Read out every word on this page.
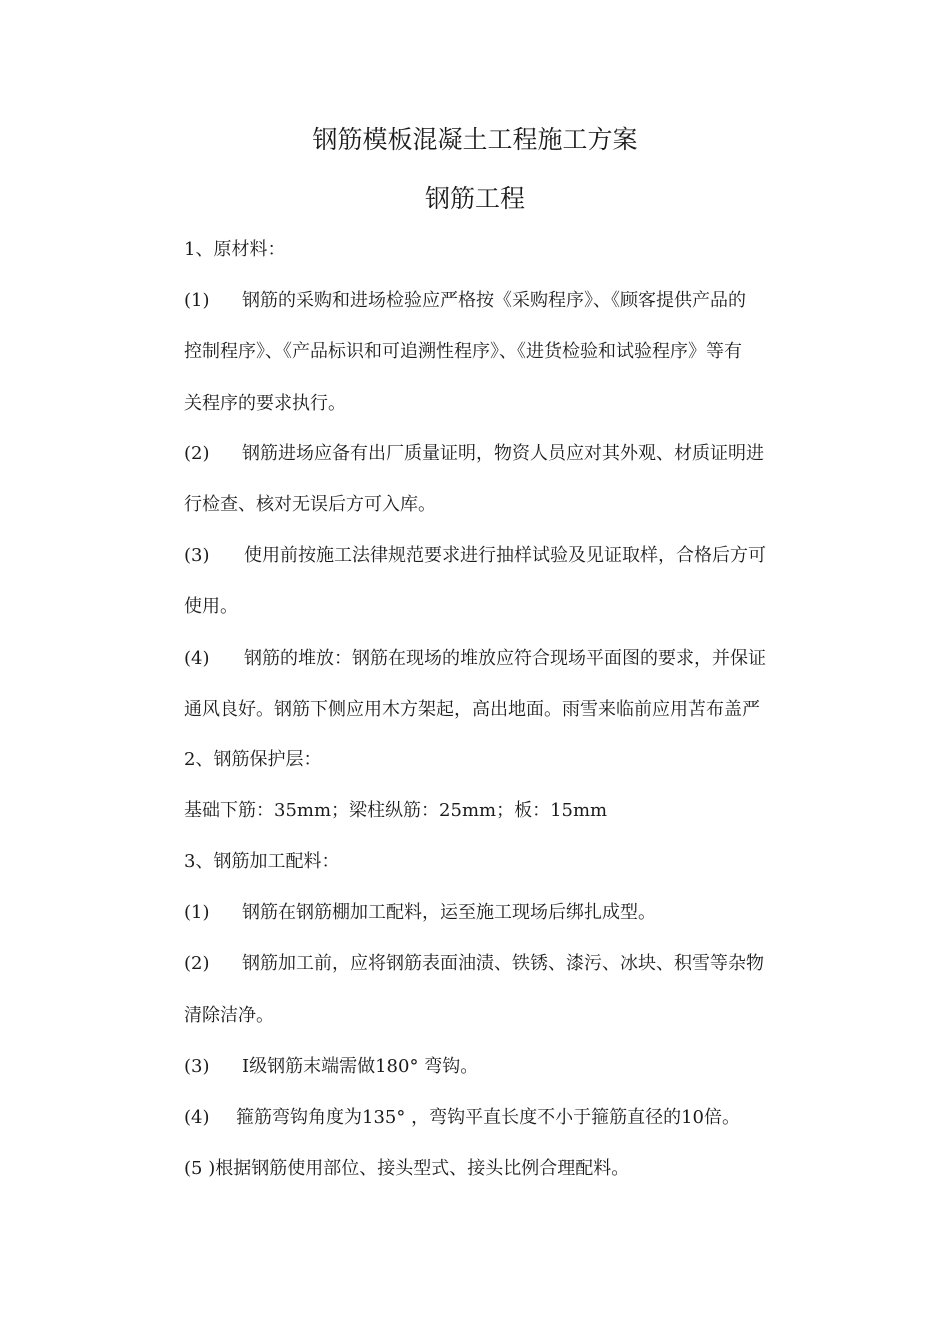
钢筋模板混凝土工程施工方案
钢筋工程
1、原材料：
(1) 钢筋的采购和进场检验应严格按《采购程序》、《顾客提供产品的
控制程序》、《产品标识和可追溯性程序》、《进货检验和试验程序》等有
关程序的要求执行。
(2) 钢筋进场应备有出厂质量证明，物资人员应对其外观、材质证明进
行检查、核对无误后方可入库。
(3) 使用前按施工法律规范要求进行抽样试验及见证取样，合格后方可
使用。
(4) 钢筋的堆放：钢筋在现场的堆放应符合现场平面图的要求，并保证
通风良好。钢筋下侧应用木方架起，高出地面。雨雪来临前应用苫布盖严
2、钢筋保护层：
基础下筋：35mm；梁柱纵筋：25mm；板：15mm
3、钢筋加工配料：
(1) 钢筋在钢筋棚加工配料，运至施工现场后绑扎成型。
(2) 钢筋加工前，应将钢筋表面油渍、铁锈、漆污、冰块、积雪等杂物
清除洁净。
(3) Ⅰ级钢筋末端需做180° 弯钩。
(4) 箍筋弯钩角度为135° ，弯钩平直长度不小于箍筋直径的10倍。
(5 )根据钢筋使用部位、接头型式、接头比例合理配料。
